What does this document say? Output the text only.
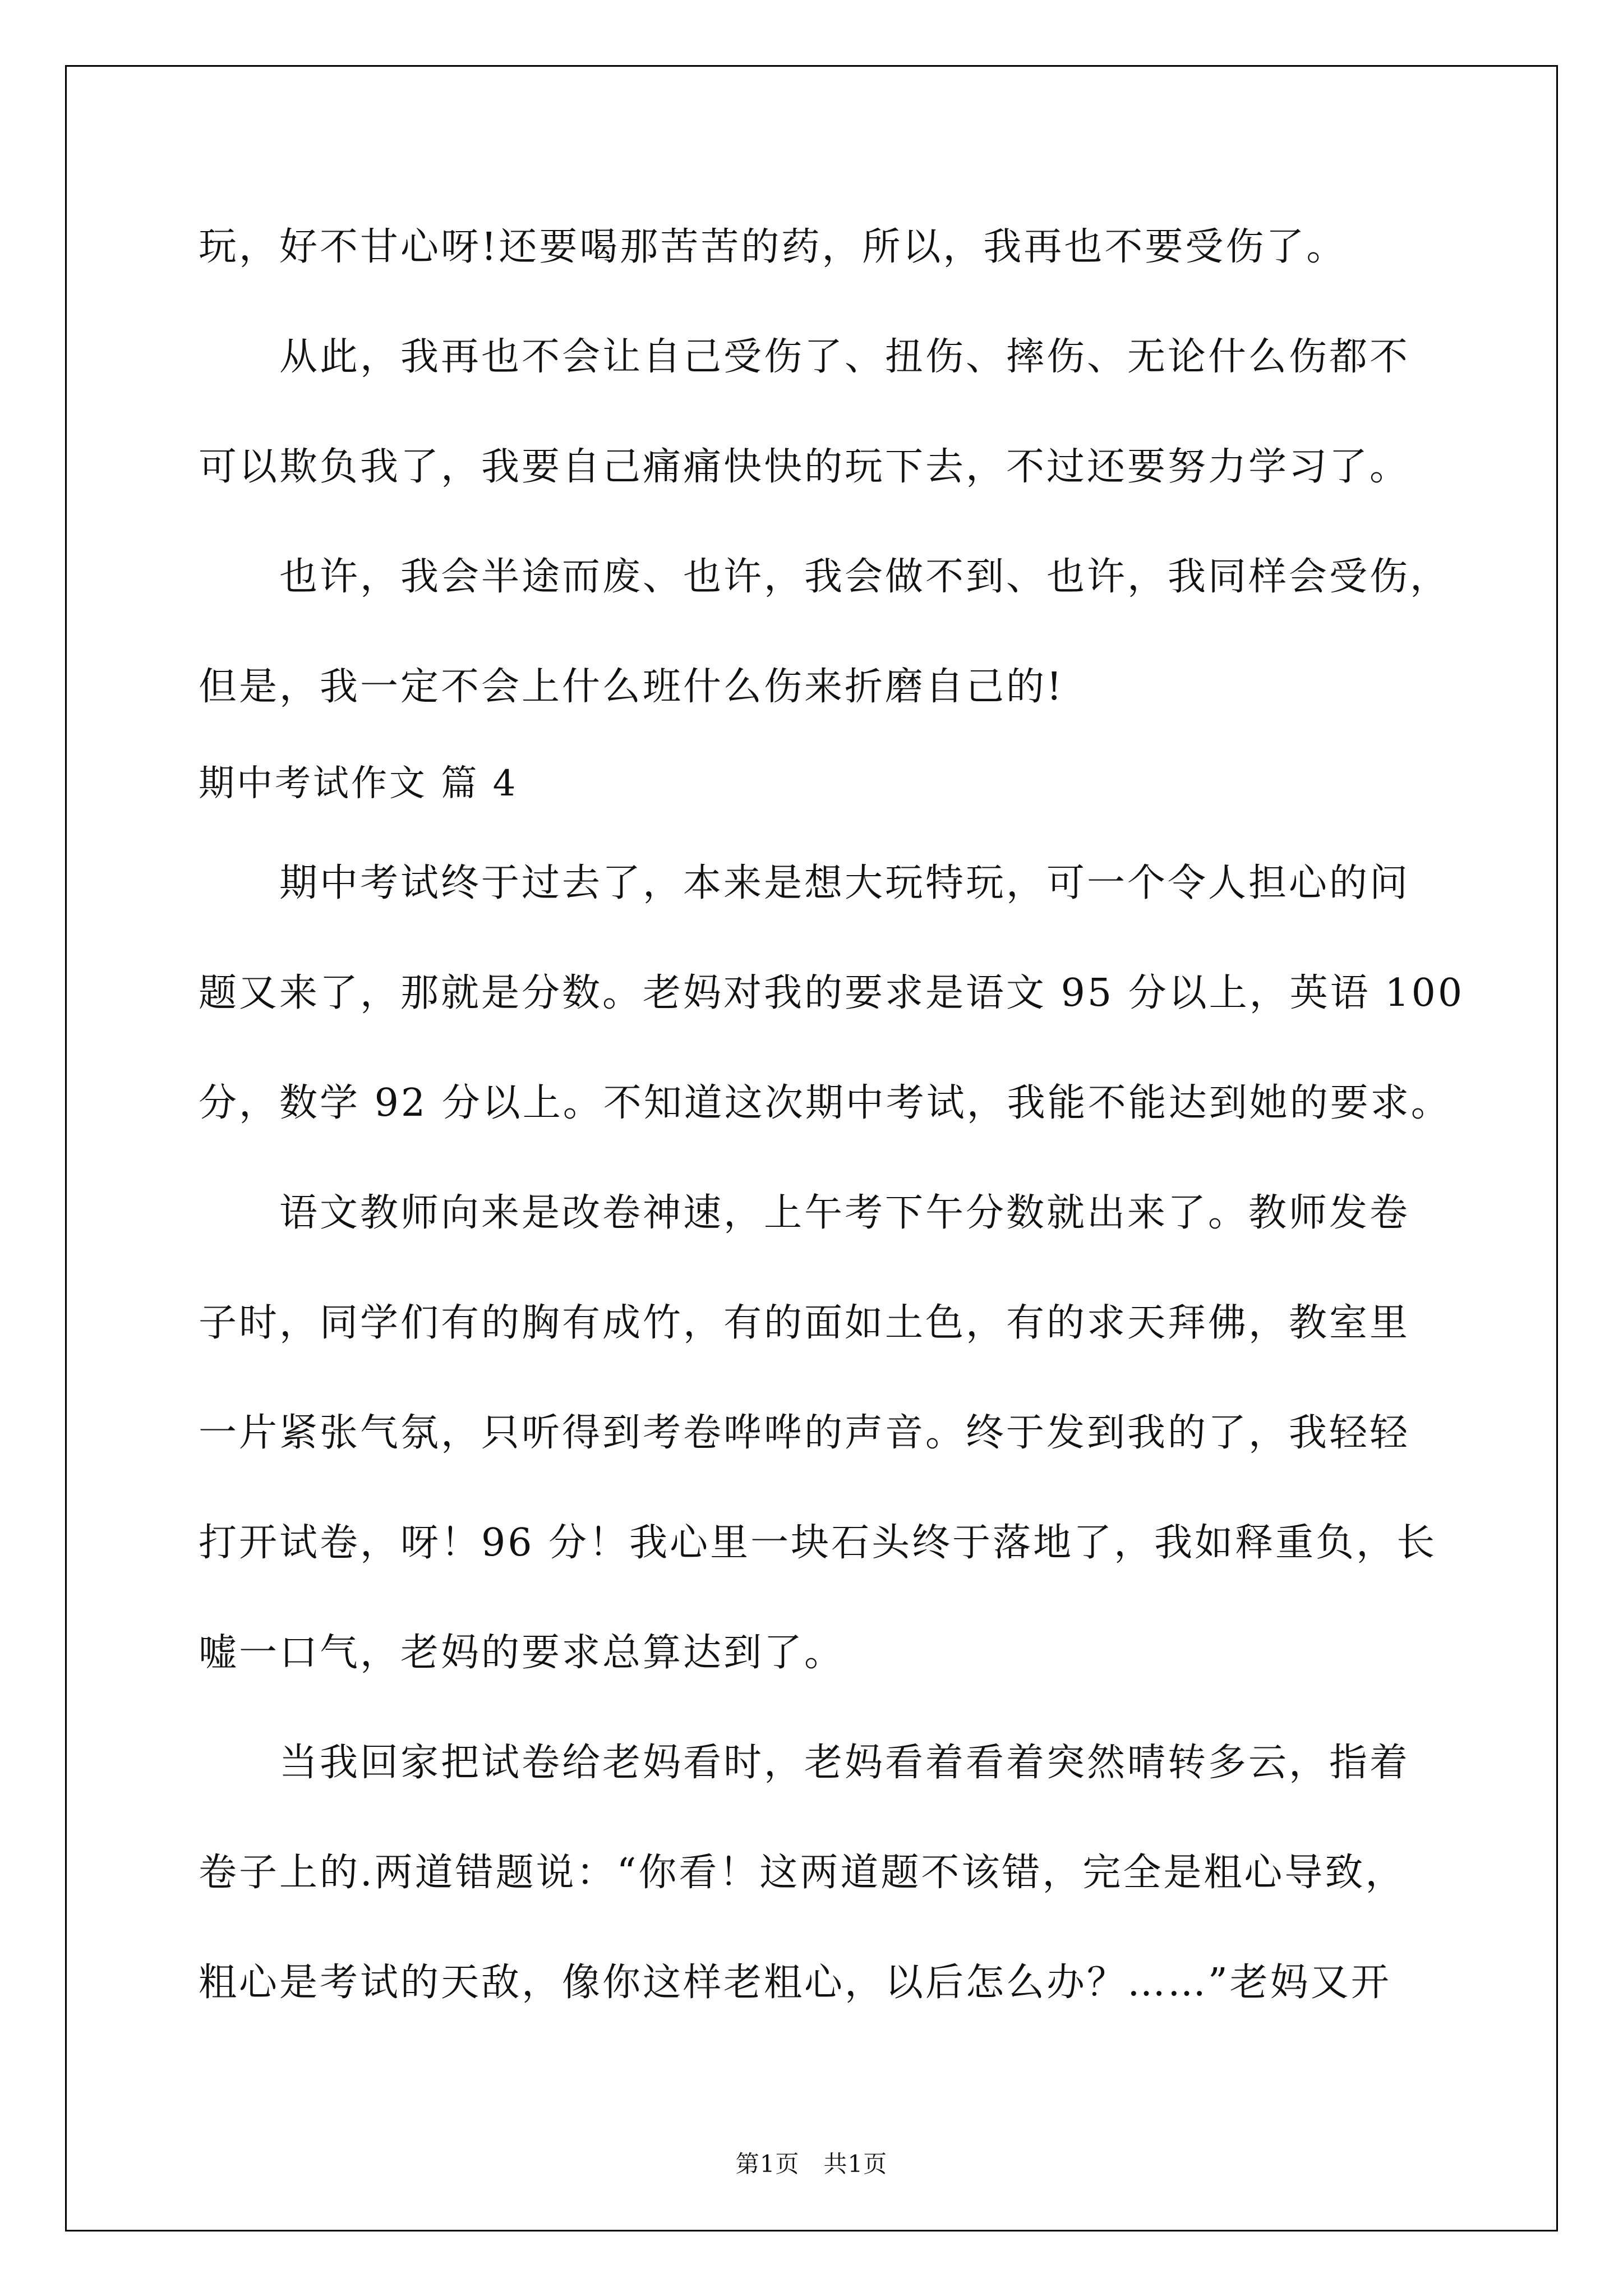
玩，好不甘心呀!还要喝那苦苦的药，所以，我再也不要受伤了。

从此，我再也不会让自己受伤了、扭伤、摔伤、无论什么伤都不

可以欺负我了，我要自己痛痛快快的玩下去，不过还要努力学习了。

也许，我会半途而废、也许，我会做不到、也许，我同样会受伤，

但是，我一定不会上什么班什么伤来折磨自己的!

期中考试作文 篇 4

期中考试终于过去了，本来是想大玩特玩，可一个令人担心的问

题又来了，那就是分数。老妈对我的要求是语文 95 分以上，英语 100

分，数学 92 分以上。不知道这次期中考试，我能不能达到她的要求。

语文教师向来是改卷神速，上午考下午分数就出来了。教师发卷

子时，同学们有的胸有成竹，有的面如土色，有的求天拜佛，教室里

一片紧张气氛，只听得到考卷哗哗的声音。终于发到我的了，我轻轻

打开试卷，呀！96 分！我心里一块石头终于落地了，我如释重负，长

嘘一口气，老妈的要求总算达到了。

当我回家把试卷给老妈看时，老妈看着看着突然晴转多云，指着

卷子上的.两道错题说：“你看！这两道题不该错，完全是粗心导致，

粗心是考试的天敌，像你这样老粗心，以后怎么办？……”老妈又开

第1页　共1页
